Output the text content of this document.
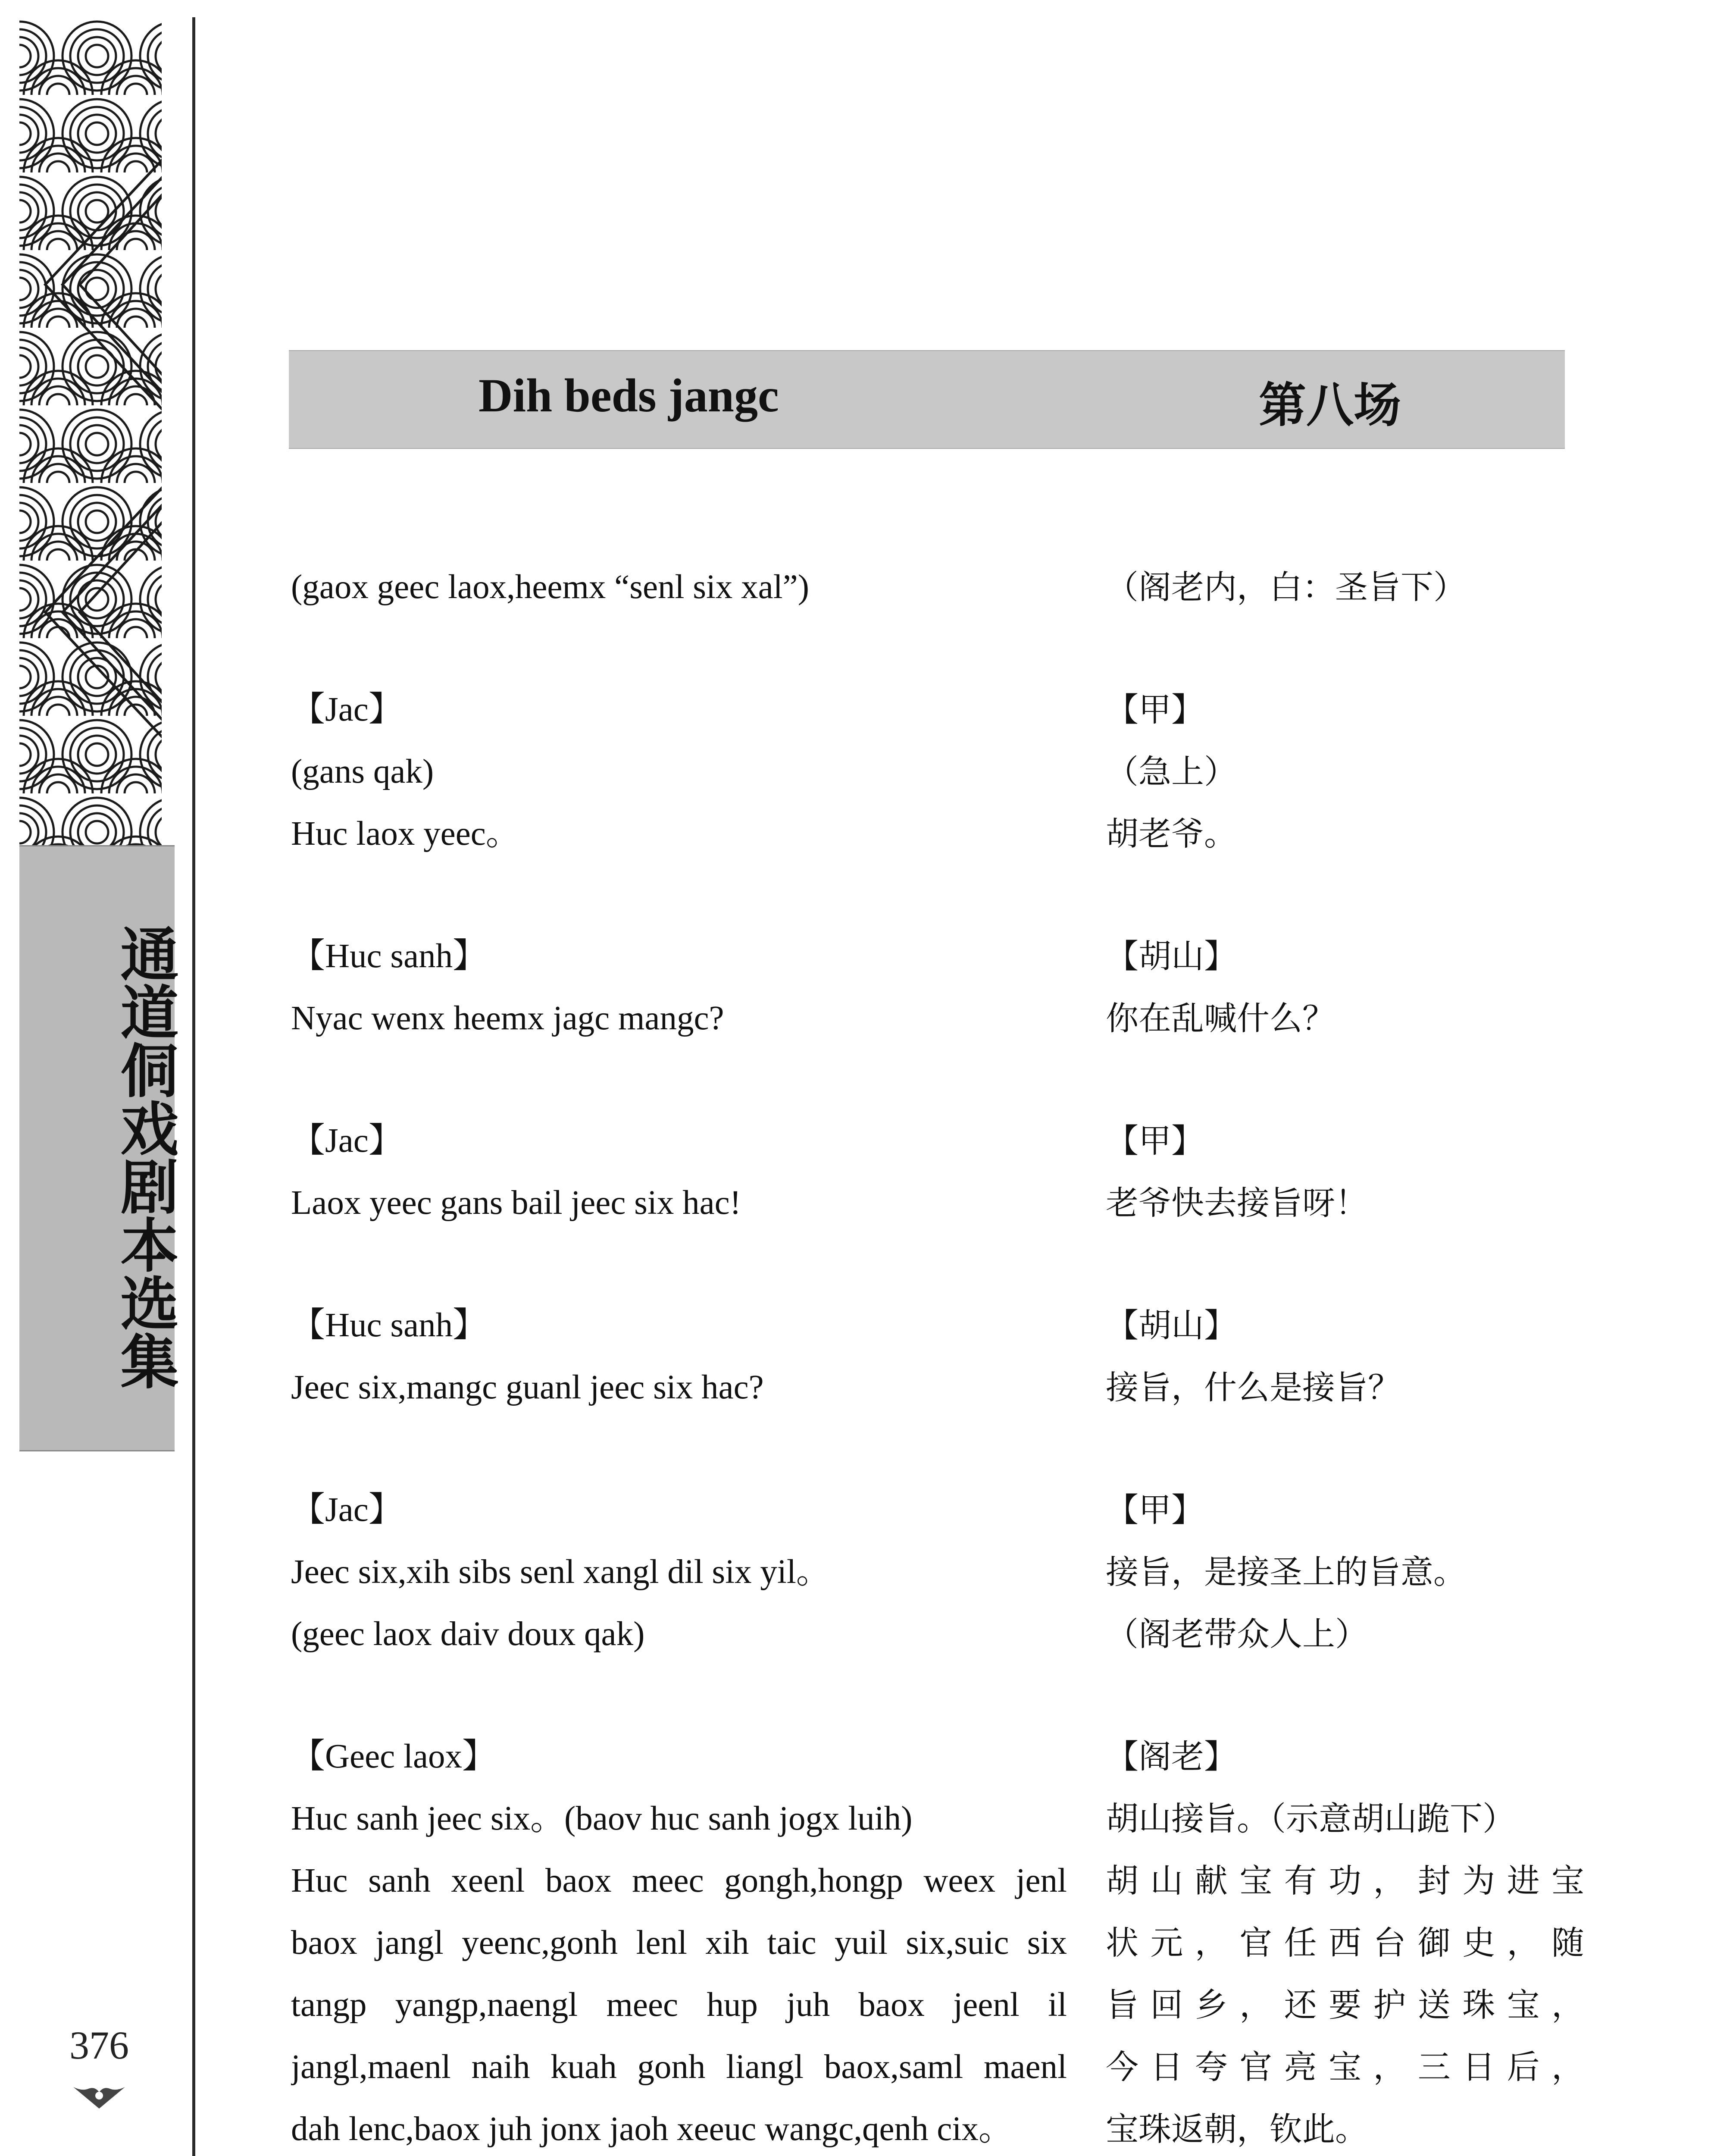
通道侗戏剧本选集
376
Dih beds jangc	第八场
(gaox geec laox,heemx “senl six xal”)
【Jac】
(gans qak)
Huc laox yeec。
【Huc sanh】
Nyac wenx heemx jagc mangc?
【Jac】
Laox yeec gans bail jeec six hac!
【Huc sanh】
Jeec six,mangc guanl jeec six hac?
【Jac】
Jeec six,xih sibs senl xangl dil six yil。
(geec laox daiv doux qak)
【Geec laox】
Huc sanh jeec six。(baov huc sanh jogx luih)
Huc sanh xeenl baox meec gongh,hongp weex jenl
baox jangl yeenc,gonh lenl xih taic yuil six,suic six
tangp yangp,naengl meec hup juh baox jeenl il
jangl,maenl naih kuah gonh liangl baox,saml maenl
dah lenc,baox juh jonx jaoh xeeuc wangc,qenh cix。
（阁老内，白：圣旨下）
【甲】
（急上）
胡老爷。
【胡山】
你在乱喊什么？
【甲】
老爷快去接旨呀！
【胡山】
接旨，什么是接旨？
【甲】
接旨，是接圣上的旨意。
（阁老带众人上）
【阁老】
胡山接旨。（示意胡山跪下）
胡山献宝有功，封为进宝
状元，官任西台御史，随
旨回乡，还要护送珠宝，
今日夸官亮宝，三日后，
宝珠返朝，钦此。
